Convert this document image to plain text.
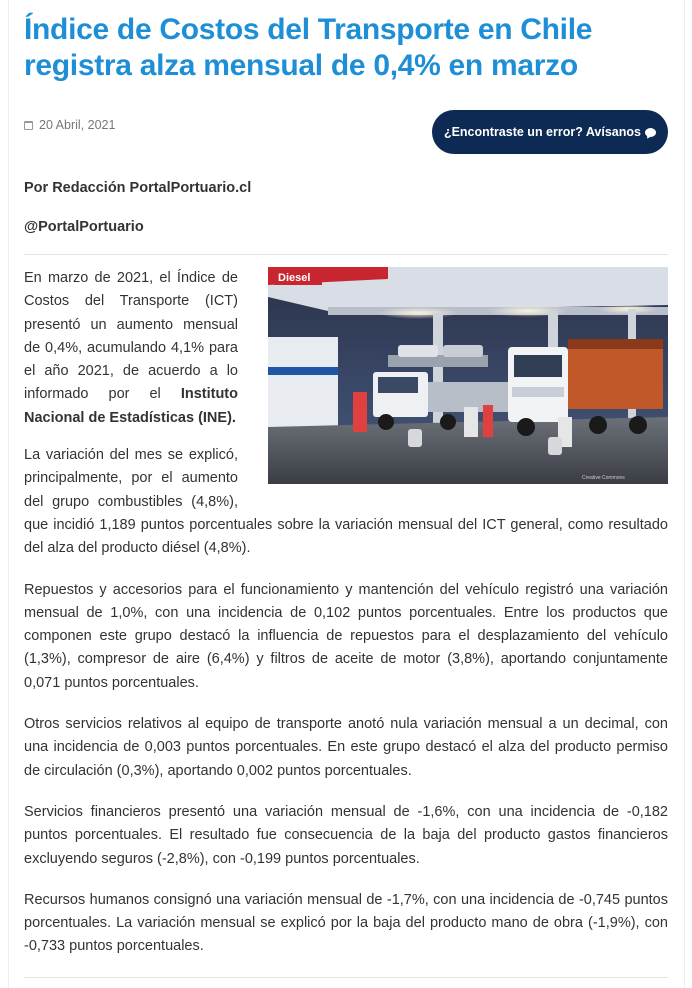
Índice de Costos del Transporte en Chile registra alza mensual de 0,4% en marzo
20 Abril, 2021	¿Encontraste un error? Avísanos
Por Redacción PortalPortuario.cl
@PortalPortuario
Diesel
Creative Commons

En marzo de 2021, el Índice de Costos del Transporte (ICT) presentó un aumento mensual de 0,4%, acumulando 4,1% para el año 2021, de acuerdo a lo informado por el Instituto Nacional de Estadísticas (INE).

La variación del mes se explicó, principalmente, por el aumento del grupo combustibles (4,8%), que incidió 1,189 puntos porcentuales sobre la variación mensual del ICT general, como resultado del alza del producto diésel (4,8%).

Repuestos y accesorios para el funcionamiento y mantención del vehículo registró una variación mensual de 1,0%, con una incidencia de 0,102 puntos porcentuales. Entre los productos que componen este grupo destacó la influencia de repuestos para el desplazamiento del vehículo (1,3%), compresor de aire (6,4%) y filtros de aceite de motor (3,8%), aportando conjuntamente 0,071 puntos porcentuales.

Otros servicios relativos al equipo de transporte anotó nula variación mensual a un decimal, con una incidencia de 0,003 puntos porcentuales. En este grupo destacó el alza del producto permiso de circulación (0,3%), aportando 0,002 puntos porcentuales.

Servicios financieros presentó una variación mensual de -1,6%, con una incidencia de -0,182 puntos porcentuales. El resultado fue consecuencia de la baja del producto gastos financieros excluyendo seguros (-2,8%), con -0,199 puntos porcentuales.

Recursos humanos consignó una variación mensual de -1,7%, con una incidencia de -0,745 puntos porcentuales. La variación mensual se explicó por la baja del producto mano de obra (-1,9%), con -0,733 puntos porcentuales.
